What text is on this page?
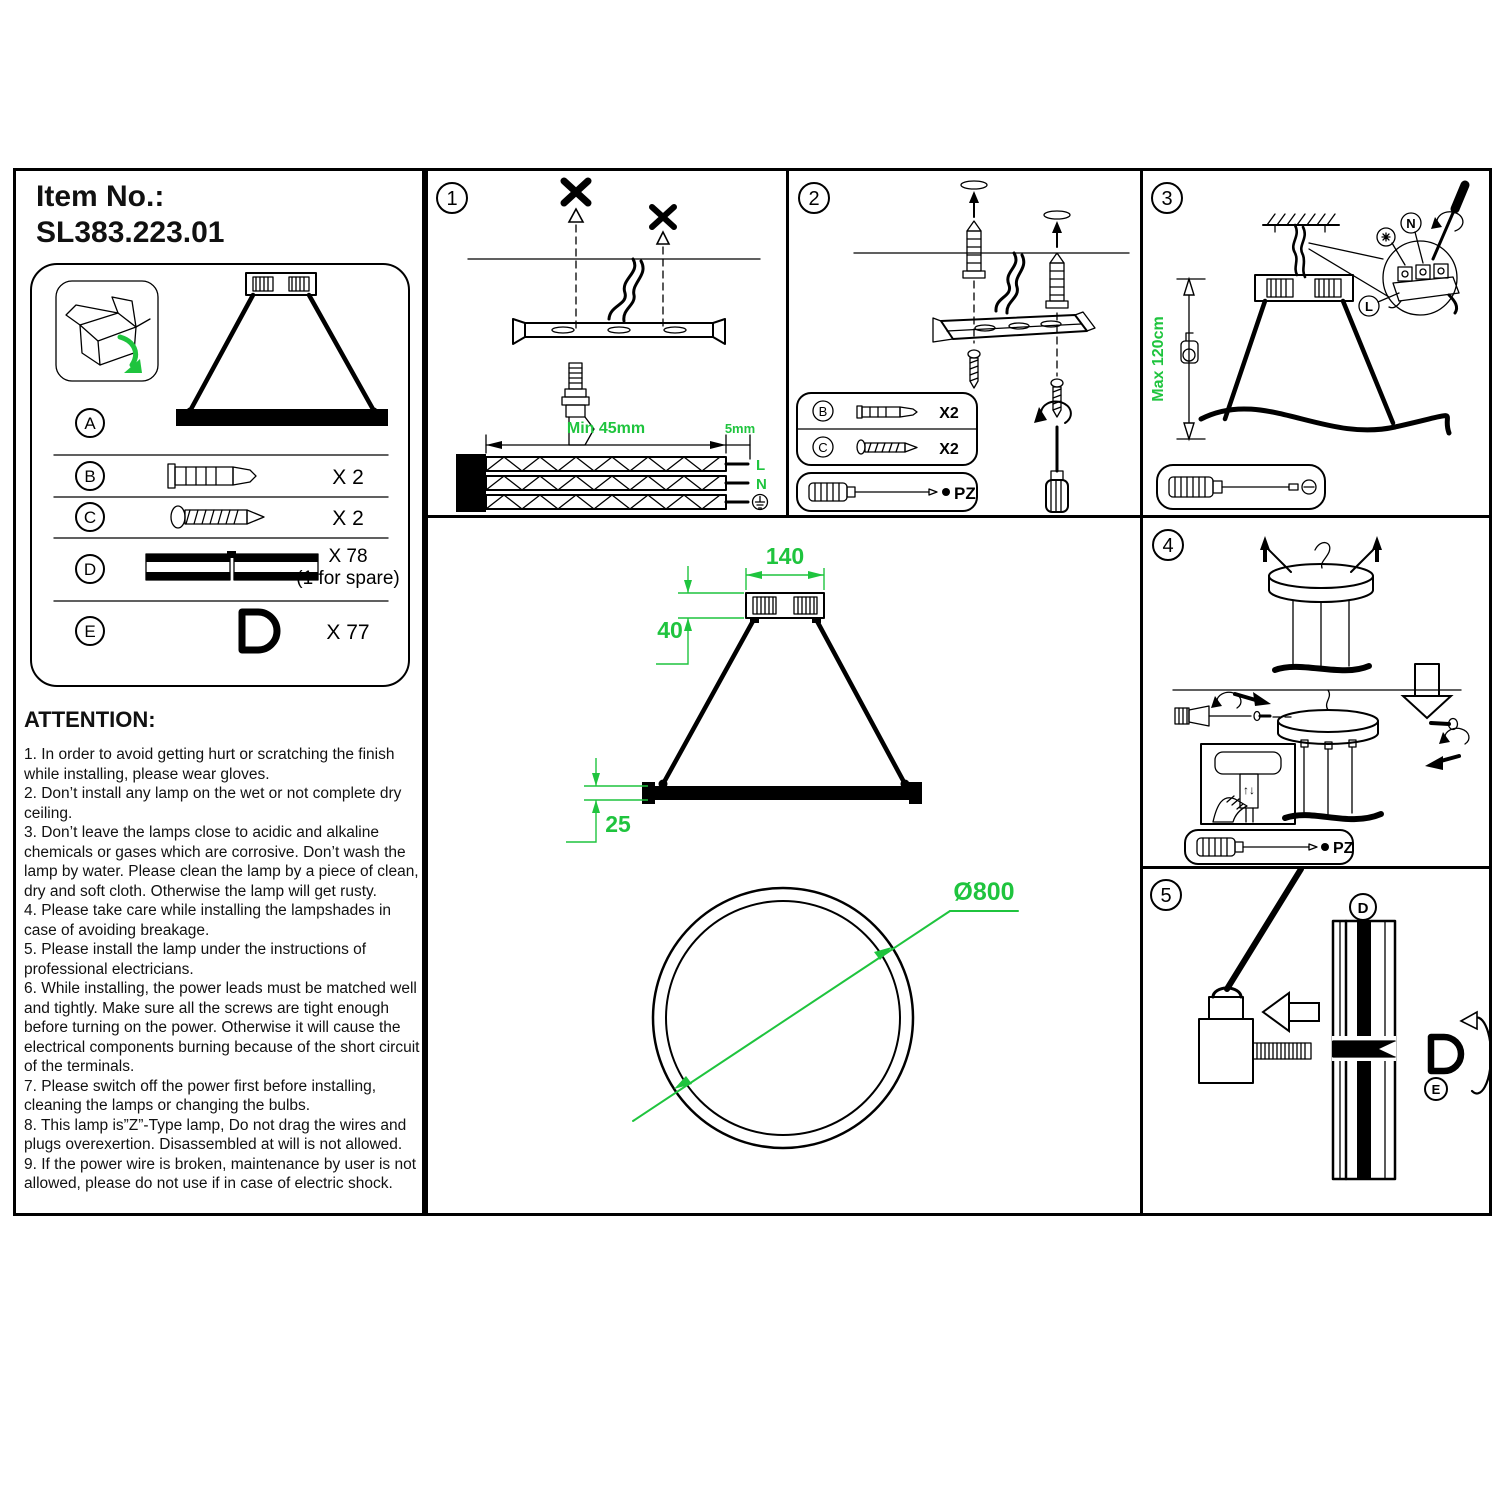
Item No.:
SL383.223.01
A
B	X 2
C	X 2
D
X 78
(1 for spare)
E	X 77
ATTENTION:
1. In order to avoid getting hurt or scratching the finish while installing, please wear gloves.
2. Don’t install any lamp on the wet or not complete dry ceiling.
3. Don’t leave the lamps close to acidic and alkaline chemicals or gases which are corrosive. Don’t wash the lamp by water. Please clean the lamp by a piece of clean, dry and soft cloth. Otherwise the lamp will get rusty.
4. Please take care while installing the lampshades in case of avoiding breakage.
5. Please install the lamp under the instructions of professional electricians.
6. While installing, the power leads must be matched well and tightly. Make sure all the screws are tight enough before turning on the power. Otherwise it will cause the electrical components burning because of the short circuit of the terminals.
7. Please switch off the power first before installing, cleaning the lamps or changing the bulbs.
8. This lamp is”Z”-Type lamp, Do not drag the wires and plugs overexertion. Disassembled at will is not allowed.
9. If the power wire is broken, maintenance by user is not allowed, please do not use if in case of electric shock.
1
Min 45mm	5mm
L
N
2
B	X2
C	X2
PZ
3
Max 120cm
N
L
140
40
25
Ø800
4
↑↓
PZ
5
D
E
